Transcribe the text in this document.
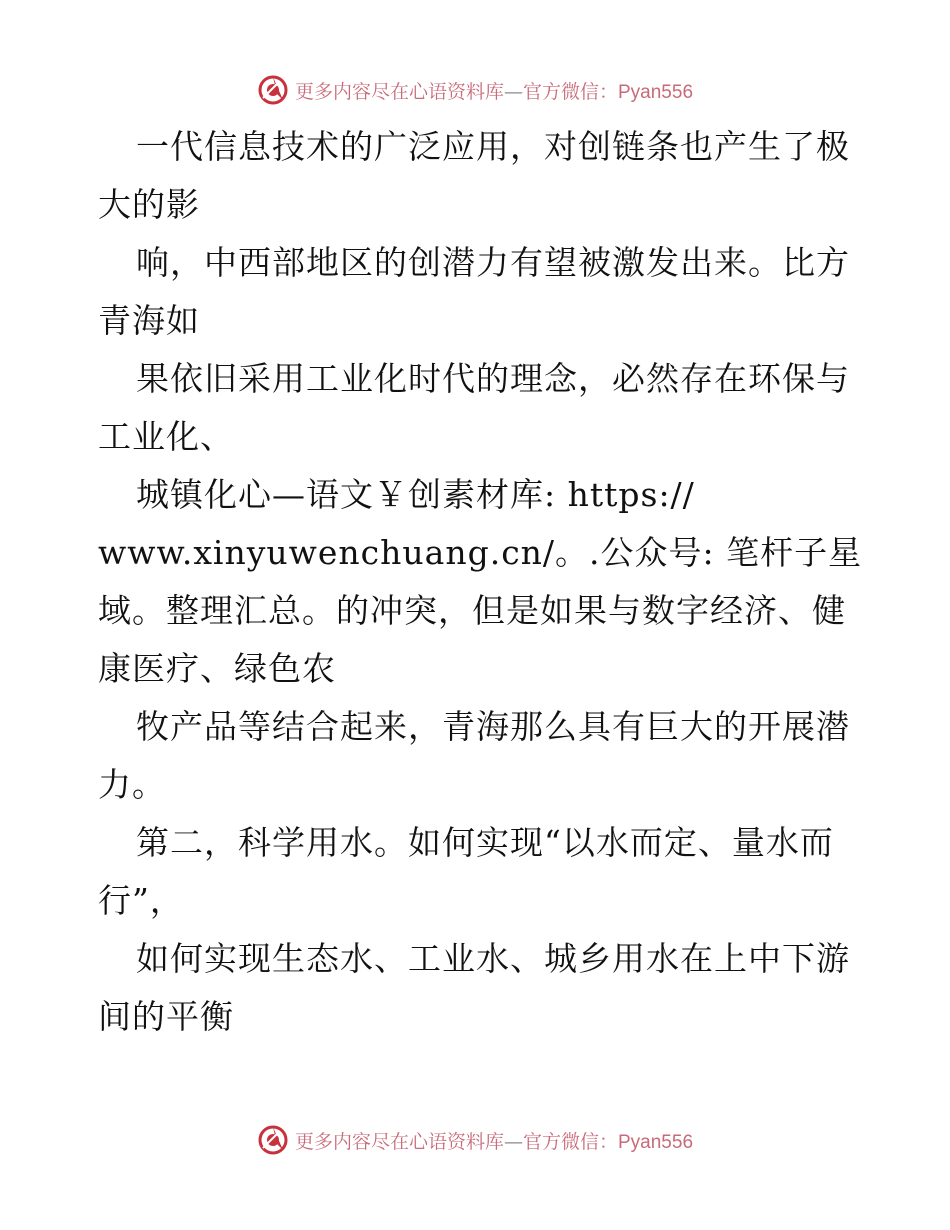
更多内容尽在心语资料库—官方微信：Pyan556
一代信息技术的广泛应用，对创链条也产生了极
大的影
响，中西部地区的创潜力有望被激发出来。比方
青海如
果依旧采用工业化时代的理念，必然存在环保与
工业化、
城镇化心—语文￥创素材库: https://
www.xinyuwenchuang.cn/。.公众号: 笔杆子星
域。整理汇总。的冲突，但是如果与数字经济、健
康医疗、绿色农
牧产品等结合起来，青海那么具有巨大的开展潜
力。
第二，科学用水。如何实现“以水而定、量水而
行”，
如何实现生态水、工业水、城乡用水在上中下游
间的平衡
更多内容尽在心语资料库—官方微信：Pyan556
